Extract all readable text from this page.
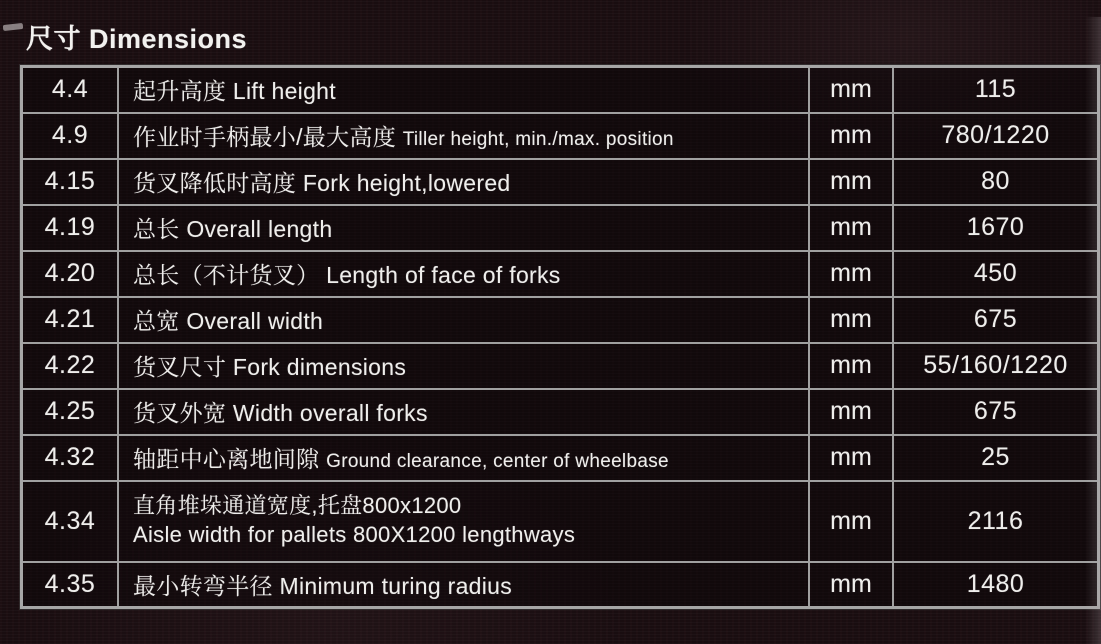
尺寸 Dimensions
4.4	起升高度 Lift height	mm	115
4.9	作业时手柄最小/最大高度 Tiller height, min./max. position	mm	780/1220
4.15	货叉降低时高度 Fork height,lowered	mm	80
4.19	总长 Overall length	mm	1670
4.20	总长（不计货叉） Length of face of forks	mm	450
4.21	总宽 Overall width	mm	675
4.22	货叉尺寸 Fork dimensions	mm	55/160/1220
4.25	货叉外宽 Width overall forks	mm	675
4.32	轴距中心离地间隙 Ground clearance, center of wheelbase	mm	25
4.34	直角堆垛通道宽度,托盘800x1200
Aisle width for pallets 800X1200 lengthways	mm	2116
4.35	最小转弯半径 Minimum turing radius	mm	1480
